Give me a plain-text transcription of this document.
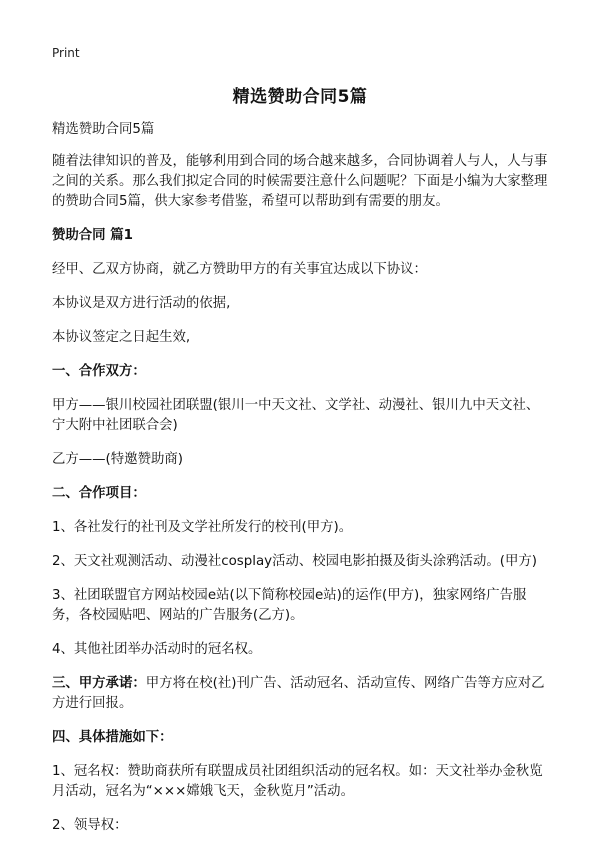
Print
精选赞助合同5篇

精选赞助合同5篇

随着法律知识的普及，能够利用到合同的场合越来越多，合同协调着人与人，人与事之间的关系。那么我们拟定合同的时候需要注意什么问题呢？下面是小编为大家整理的赞助合同5篇，供大家参考借鉴，希望可以帮助到有需要的朋友。

赞助合同 篇1

经甲、乙双方协商，就乙方赞助甲方的有关事宜达成以下协议：

本协议是双方进行活动的依据,

本协议签定之日起生效,

一、合作双方：

甲方——银川校园社团联盟(银川一中天文社、文学社、动漫社、银川九中天文社、宁大附中社团联合会)

乙方——(特邀赞助商)

二、合作项目：

1、各社发行的社刊及文学社所发行的校刊(甲方)。

2、天文社观测活动、动漫社cosplay活动、校园电影拍摄及街头涂鸦活动。(甲方)

3、社团联盟官方网站校园e站(以下简称校园e站)的运作(甲方)，独家网络广告服务，各校园贴吧、网站的广告服务(乙方)。

4、其他社团举办活动时的冠名权。

三、甲方承诺：甲方将在校(社)刊广告、活动冠名、活动宣传、网络广告等方应对乙方进行回报。

四、具体措施如下：

1、冠名权：赞助商获所有联盟成员社团组织活动的冠名权。如：天文社举办金秋览月活动，冠名为“×××嫦娥飞天，金秋览月”活动。

2、领导权：
